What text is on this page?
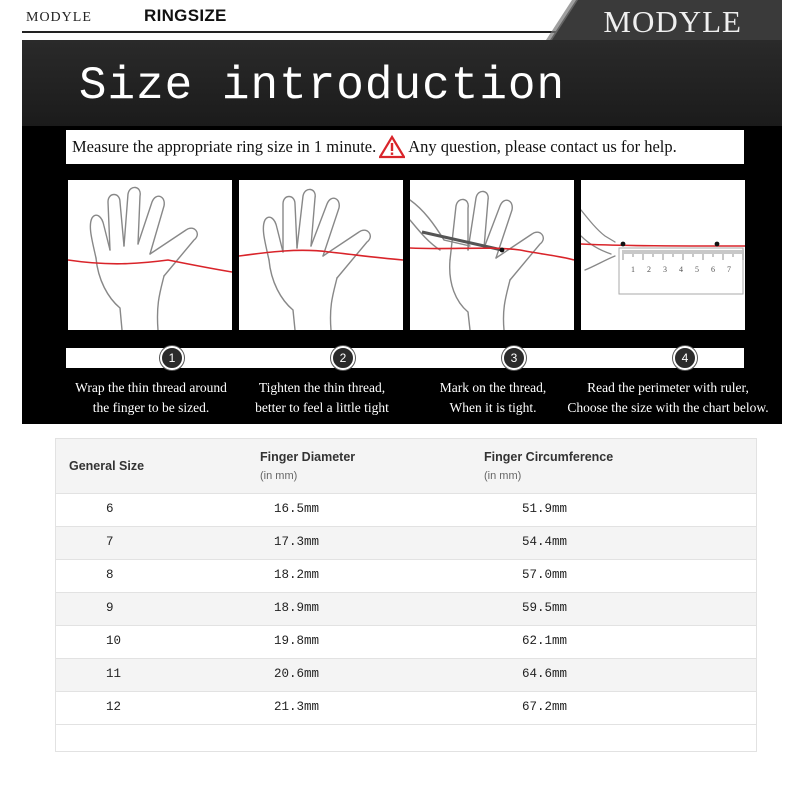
MODYLE	RINGSIZE	MODYLE
Size introduction
Measure the appropriate ring size in 1 minute. Any question, please contact us for help.
1 2 3 4 5 6 7
1	2	3	4
Wrap the thin thread around
the finger to be sized.
Tighten the thin thread,
better to feel a little tight
Mark on the thread,
When it is tight.
Read the perimeter with ruler,
Choose the size with the chart below.
General Size
Finger Diameter
(in mm)
Finger Circumference
(in mm)
6	16.5mm	51.9mm
7	17.3mm	54.4mm
8	18.2mm	57.0mm
9	18.9mm	59.5mm
10	19.8mm	62.1mm
11	20.6mm	64.6mm
12	21.3mm	67.2mm
